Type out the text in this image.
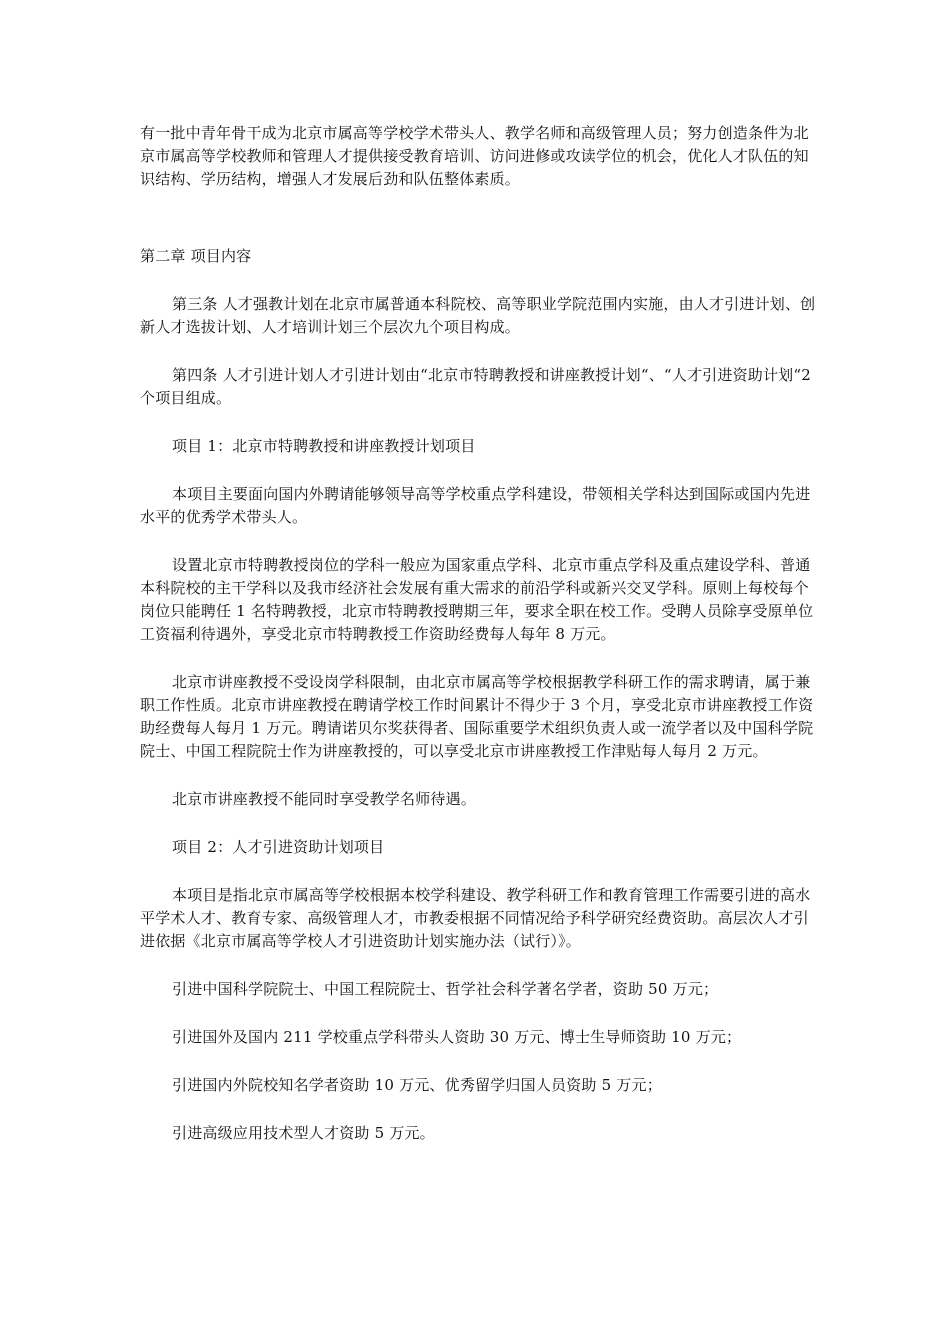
有一批中青年骨干成为北京市属高等学校学术带头人、教学名师和高级管理人员；努力创造条件为北京市属高等学校教师和管理人才提供接受教育培训、访问进修或攻读学位的机会，优化人才队伍的知识结构、学历结构，增强人才发展后劲和队伍整体素质。

第二章 项目内容

第三条 人才强教计划在北京市属普通本科院校、高等职业学院范围内实施，由人才引进计划、创新人才选拔计划、人才培训计划三个层次九个项目构成。

第四条 人才引进计划人才引进计划由“北京市特聘教授和讲座教授计划“、“人才引进资助计划“2个项目组成。

项目 1：北京市特聘教授和讲座教授计划项目

本项目主要面向国内外聘请能够领导高等学校重点学科建设，带领相关学科达到国际或国内先进水平的优秀学术带头人。

设置北京市特聘教授岗位的学科一般应为国家重点学科、北京市重点学科及重点建设学科、普通本科院校的主干学科以及我市经济社会发展有重大需求的前沿学科或新兴交叉学科。原则上每校每个岗位只能聘任 1 名特聘教授，北京市特聘教授聘期三年，要求全职在校工作。受聘人员除享受原单位工资福利待遇外，享受北京市特聘教授工作资助经费每人每年 8 万元。

北京市讲座教授不受设岗学科限制，由北京市属高等学校根据教学科研工作的需求聘请，属于兼职工作性质。北京市讲座教授在聘请学校工作时间累计不得少于 3 个月，享受北京市讲座教授工作资助经费每人每月 1 万元。聘请诺贝尔奖获得者、国际重要学术组织负责人或一流学者以及中国科学院院士、中国工程院院士作为讲座教授的，可以享受北京市讲座教授工作津贴每人每月 2 万元。

北京市讲座教授不能同时享受教学名师待遇。

项目 2：人才引进资助计划项目

本项目是指北京市属高等学校根据本校学科建设、教学科研工作和教育管理工作需要引进的高水平学术人才、教育专家、高级管理人才，市教委根据不同情况给予科学研究经费资助。高层次人才引进依据《北京市属高等学校人才引进资助计划实施办法（试行）》。

引进中国科学院院士、中国工程院院士、哲学社会科学著名学者，资助 50 万元；

引进国外及国内 211 学校重点学科带头人资助 30 万元、博士生导师资助 10 万元；

引进国内外院校知名学者资助 10 万元、优秀留学归国人员资助 5 万元；

引进高级应用技术型人才资助 5 万元。
